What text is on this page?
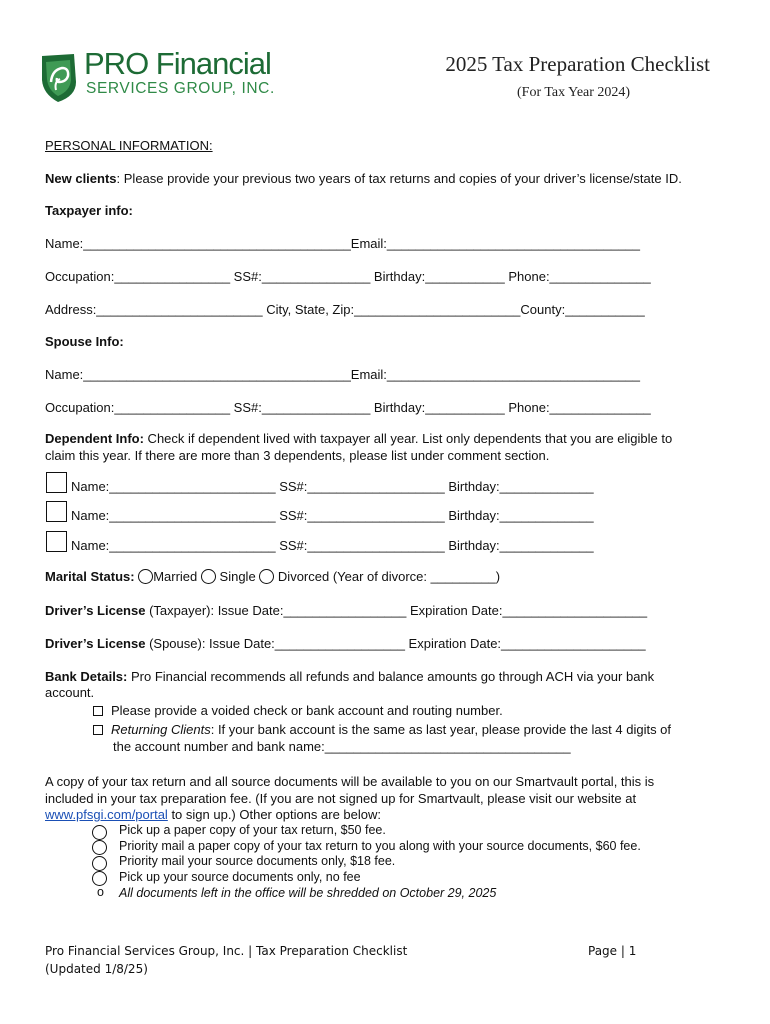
PRO Financial
SERVICES GROUP, INC.
2025 Tax Preparation Checklist
(For Tax Year 2024)
PERSONAL INFORMATION:
New clients: Please provide your previous two years of tax returns and copies of your driver’s license/state ID.
Taxpayer info:
Name:_____________________________________Email:___________________________________
Occupation:________________ SS#:_______________ Birthday:___________ Phone:______________
Address:_______________________ City, State, Zip:_______________________County:___________
Spouse Info:
Name:_____________________________________Email:___________________________________
Occupation:________________ SS#:_______________ Birthday:___________ Phone:______________
Dependent Info: Check if dependent lived with taxpayer all year. List only dependents that you are eligible to
claim this year. If there are more than 3 dependents, please list under comment section.
Name:_______________________ SS#:___________________ Birthday:_____________
Name:_______________________ SS#:___________________ Birthday:_____________
Name:_______________________ SS#:___________________ Birthday:_____________
Marital Status: Married Single Divorced (Year of divorce: _________)
Driver’s License (Taxpayer): Issue Date:_________________ Expiration Date:____________________
Driver’s License (Spouse): Issue Date:__________________ Expiration Date:____________________
Bank Details: Pro Financial recommends all refunds and balance amounts go through ACH via your bank
account.
Please provide a voided check or bank account and routing number.
Returning Clients: If your bank account is the same as last year, please provide the last 4 digits of
the account number and bank name:__________________________________
A copy of your tax return and all source documents will be available to you on our Smartvault portal, this is
included in your tax preparation fee. (If you are not signed up for Smartvault, please visit our website at
www.pfsgi.com/portal to sign up.) Other options are below:
Pick up a paper copy of your tax return, $50 fee.
Priority mail a paper copy of your tax return to you along with your source documents, $60 fee.
Priority mail your source documents only, $18 fee.
Pick up your source documents only, no fee
o All documents left in the office will be shredded on October 29, 2025
Pro Financial Services Group, Inc. | Tax Preparation Checklist
(Updated 1/8/25)
Page | 1
